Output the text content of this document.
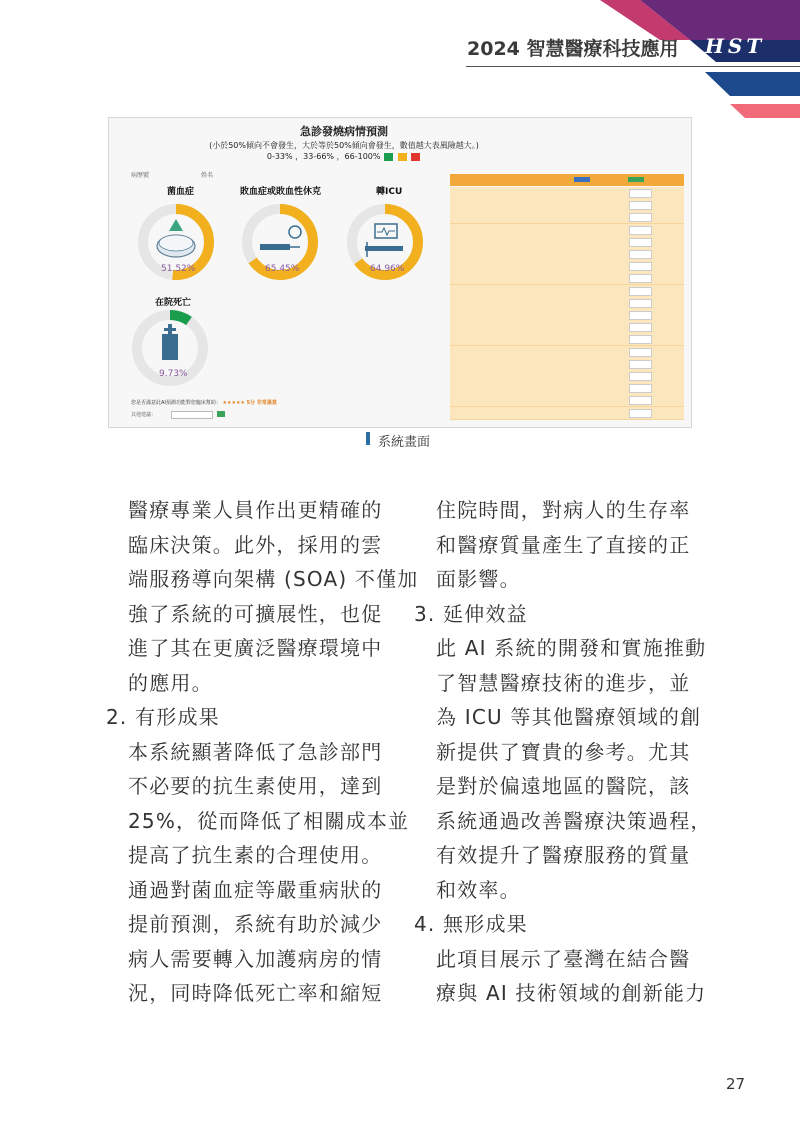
2024 智慧醫療科技應用 HST
急診發燒病情預測
(小於50%傾向不會發生，大於等於50%傾向會發生，數值越大表風險越大。)
0-33% ，33-66% ，66-100%
病歷號	姓名
菌血症	敗血症或敗血性休克	轉ICU
在院死亡
51.52%	65.45%	64.96%
9.73%
您是否滿意此AI預測功能對您臨床幫助： ★★★★★ 5分 非常滿意
其他建議：
系統畫面

醫療專業人員作出更精確的

臨床決策。此外，採用的雲

端服務導向架構 (SOA) 不僅加

強了系統的可擴展性，也促

進了其在更廣泛醫療環境中

的應用。

2. 有形成果

本系統顯著降低了急診部門

不必要的抗生素使用，達到

25%，從而降低了相關成本並

提高了抗生素的合理使用。

通過對菌血症等嚴重病狀的

提前預測，系統有助於減少

病人需要轉入加護病房的情

況，同時降低死亡率和縮短

住院時間，對病人的生存率

和醫療質量產生了直接的正

面影響。

3. 延伸效益

此 AI 系統的開發和實施推動

了智慧醫療技術的進步，並

為 ICU 等其他醫療領域的創

新提供了寶貴的參考。尤其

是對於偏遠地區的醫院，該

系統通過改善醫療決策過程，

有效提升了醫療服務的質量

和效率。

4. 無形成果

此項目展示了臺灣在結合醫

療與 AI 技術領域的創新能力

27
